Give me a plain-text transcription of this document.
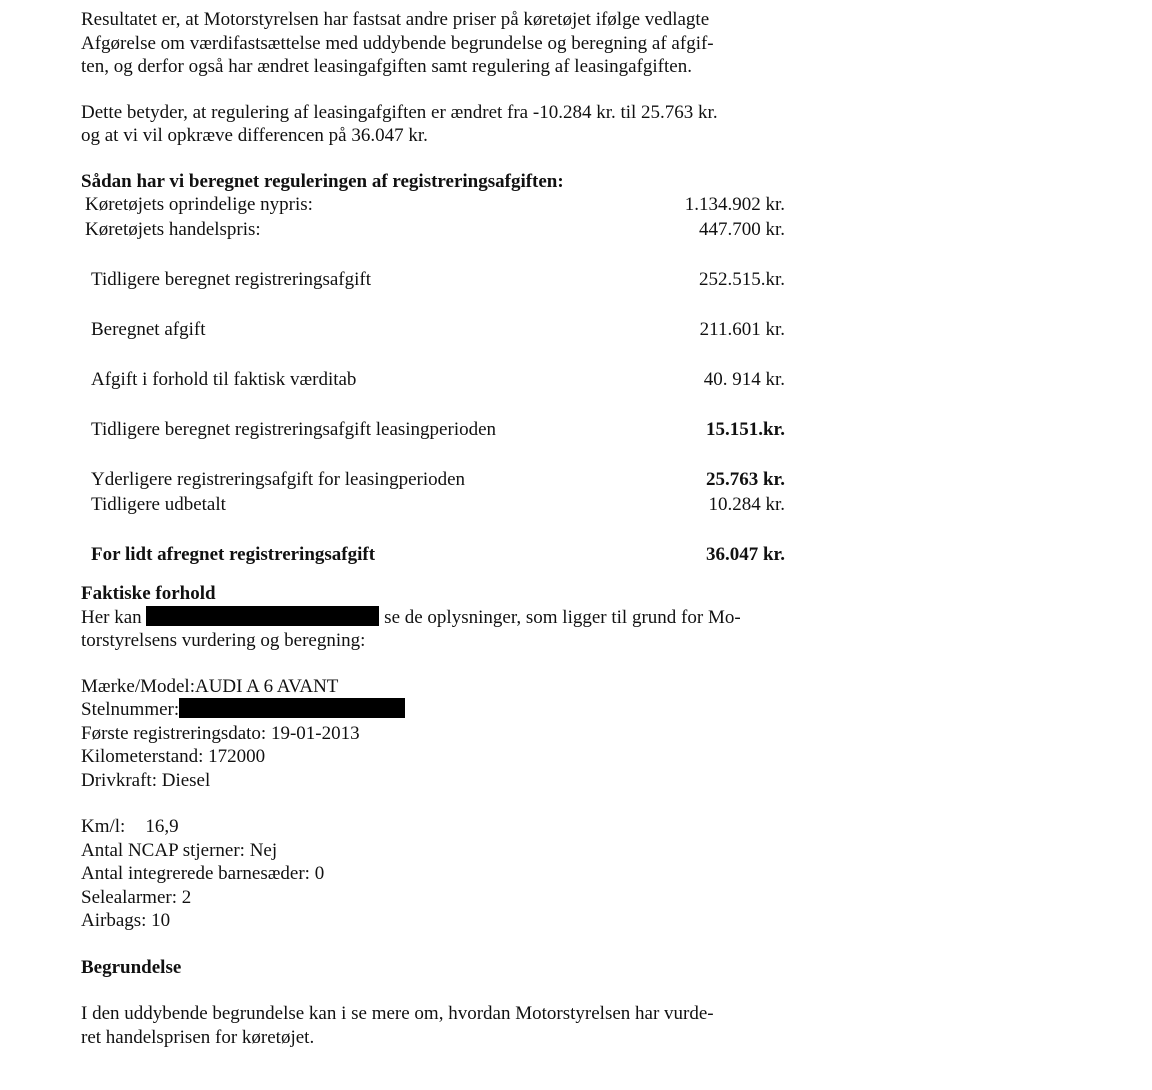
Resultatet er, at Motorstyrelsen har fastsat andre priser på køretøjet ifølge vedlagte

Afgørelse om værdifastsættelse med uddybende begrundelse og beregning af afgif-

ten, og derfor også har ændret leasingafgiften samt regulering af leasingafgiften.

Dette betyder, at regulering af leasingafgiften er ændret fra -10.284 kr. til 25.763 kr.

og at vi vil opkræve differencen på 36.047 kr.

Sådan har vi beregnet reguleringen af registreringsafgiften:

Køretøjets oprindelige nypris:	1.134.902 kr.
Køretøjets handelspris:	447.700 kr.
Tidligere beregnet registreringsafgift	252.515.kr.
Beregnet afgift	211.601 kr.
Afgift i forhold til faktisk værditab	40. 914 kr.
Tidligere beregnet registreringsafgift leasingperioden	15.151.kr.
Yderligere registreringsafgift for leasingperioden	25.763 kr.
Tidligere udbetalt	10.284 kr.
For lidt afregnet registreringsafgift	36.047 kr.

Faktiske forhold

Her kan	se de oplysninger, som ligger til grund for Mo-

torstyrelsens vurdering og beregning:

Mærke/Model:AUDI A 6 AVANT

Stelnummer:

Første registreringsdato: 19-01-2013

Kilometerstand: 172000

Drivkraft: Diesel

Km/l: 16,9

Antal NCAP stjerner: Nej

Antal integrerede barnesæder: 0

Selealarmer: 2

Airbags: 10

Begrundelse

I den uddybende begrundelse kan i se mere om, hvordan Motorstyrelsen har vurde-

ret handelsprisen for køretøjet.
